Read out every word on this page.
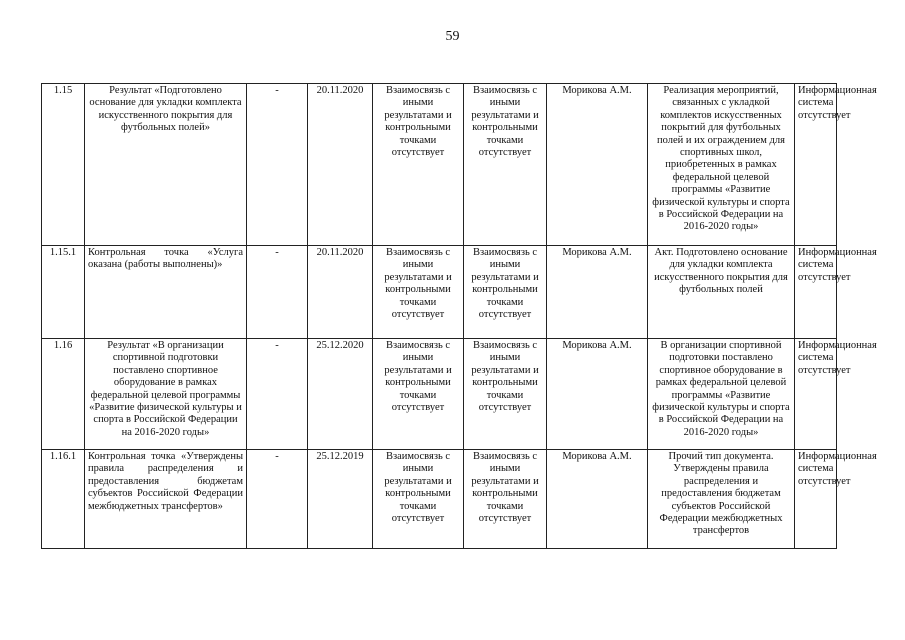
59
1.15	Результат «Подготовлено основание для укладки комплекта искусственного покрытия для футбольных полей»	-	20.11.2020	Взаимосвязь с иными результатами и контрольными точками отсутствует	Взаимосвязь с иными результатами и контрольными точками отсутствует	Морикова А.М.	Реализация мероприятий, связанных с укладкой комплектов искусственных покрытий для футбольных полей и их ограждением для спортивных школ, приобретенных в рамках федеральной целевой программы «Развитие физической культуры и спорта в Российской Федерации на 2016-2020 годы»	Информационная система отсутствует
1.15.1	Контрольная точка «Услуга оказана (работы выполнены)»	-	20.11.2020	Взаимосвязь с иными результатами и контрольными точками отсутствует	Взаимосвязь с иными результатами и контрольными точками отсутствует	Морикова А.М.	Акт. Подготовлено основание для укладки комплекта искусственного покрытия для футбольных полей	Информационная система отсутствует
1.16	Результат «В организации спортивной подготовки поставлено спортивное оборудование в рамках федеральной целевой программы «Развитие физической культуры и спорта в Российской Федерации на 2016-2020 годы»	-	25.12.2020	Взаимосвязь с иными результатами и контрольными точками отсутствует	Взаимосвязь с иными результатами и контрольными точками отсутствует	Морикова А.М.	В организации спортивной подготовки поставлено спортивное оборудование в рамках федеральной целевой программы «Развитие физической культуры и спорта в Российской Федерации на 2016-2020 годы»	Информационная система отсутствует
1.16.1	Контрольная точка «Утверждены правила распределения и предоставления бюджетам субъектов Российской Федерации межбюджетных трансфертов»	-	25.12.2019	Взаимосвязь с иными результатами и контрольными точками отсутствует	Взаимосвязь с иными результатами и контрольными точками отсутствует	Морикова А.М.	Прочий тип документа. Утверждены правила распределения и предоставления бюджетам субъектов Российской Федерации межбюджетных трансфертов	Информационная система отсутствует
